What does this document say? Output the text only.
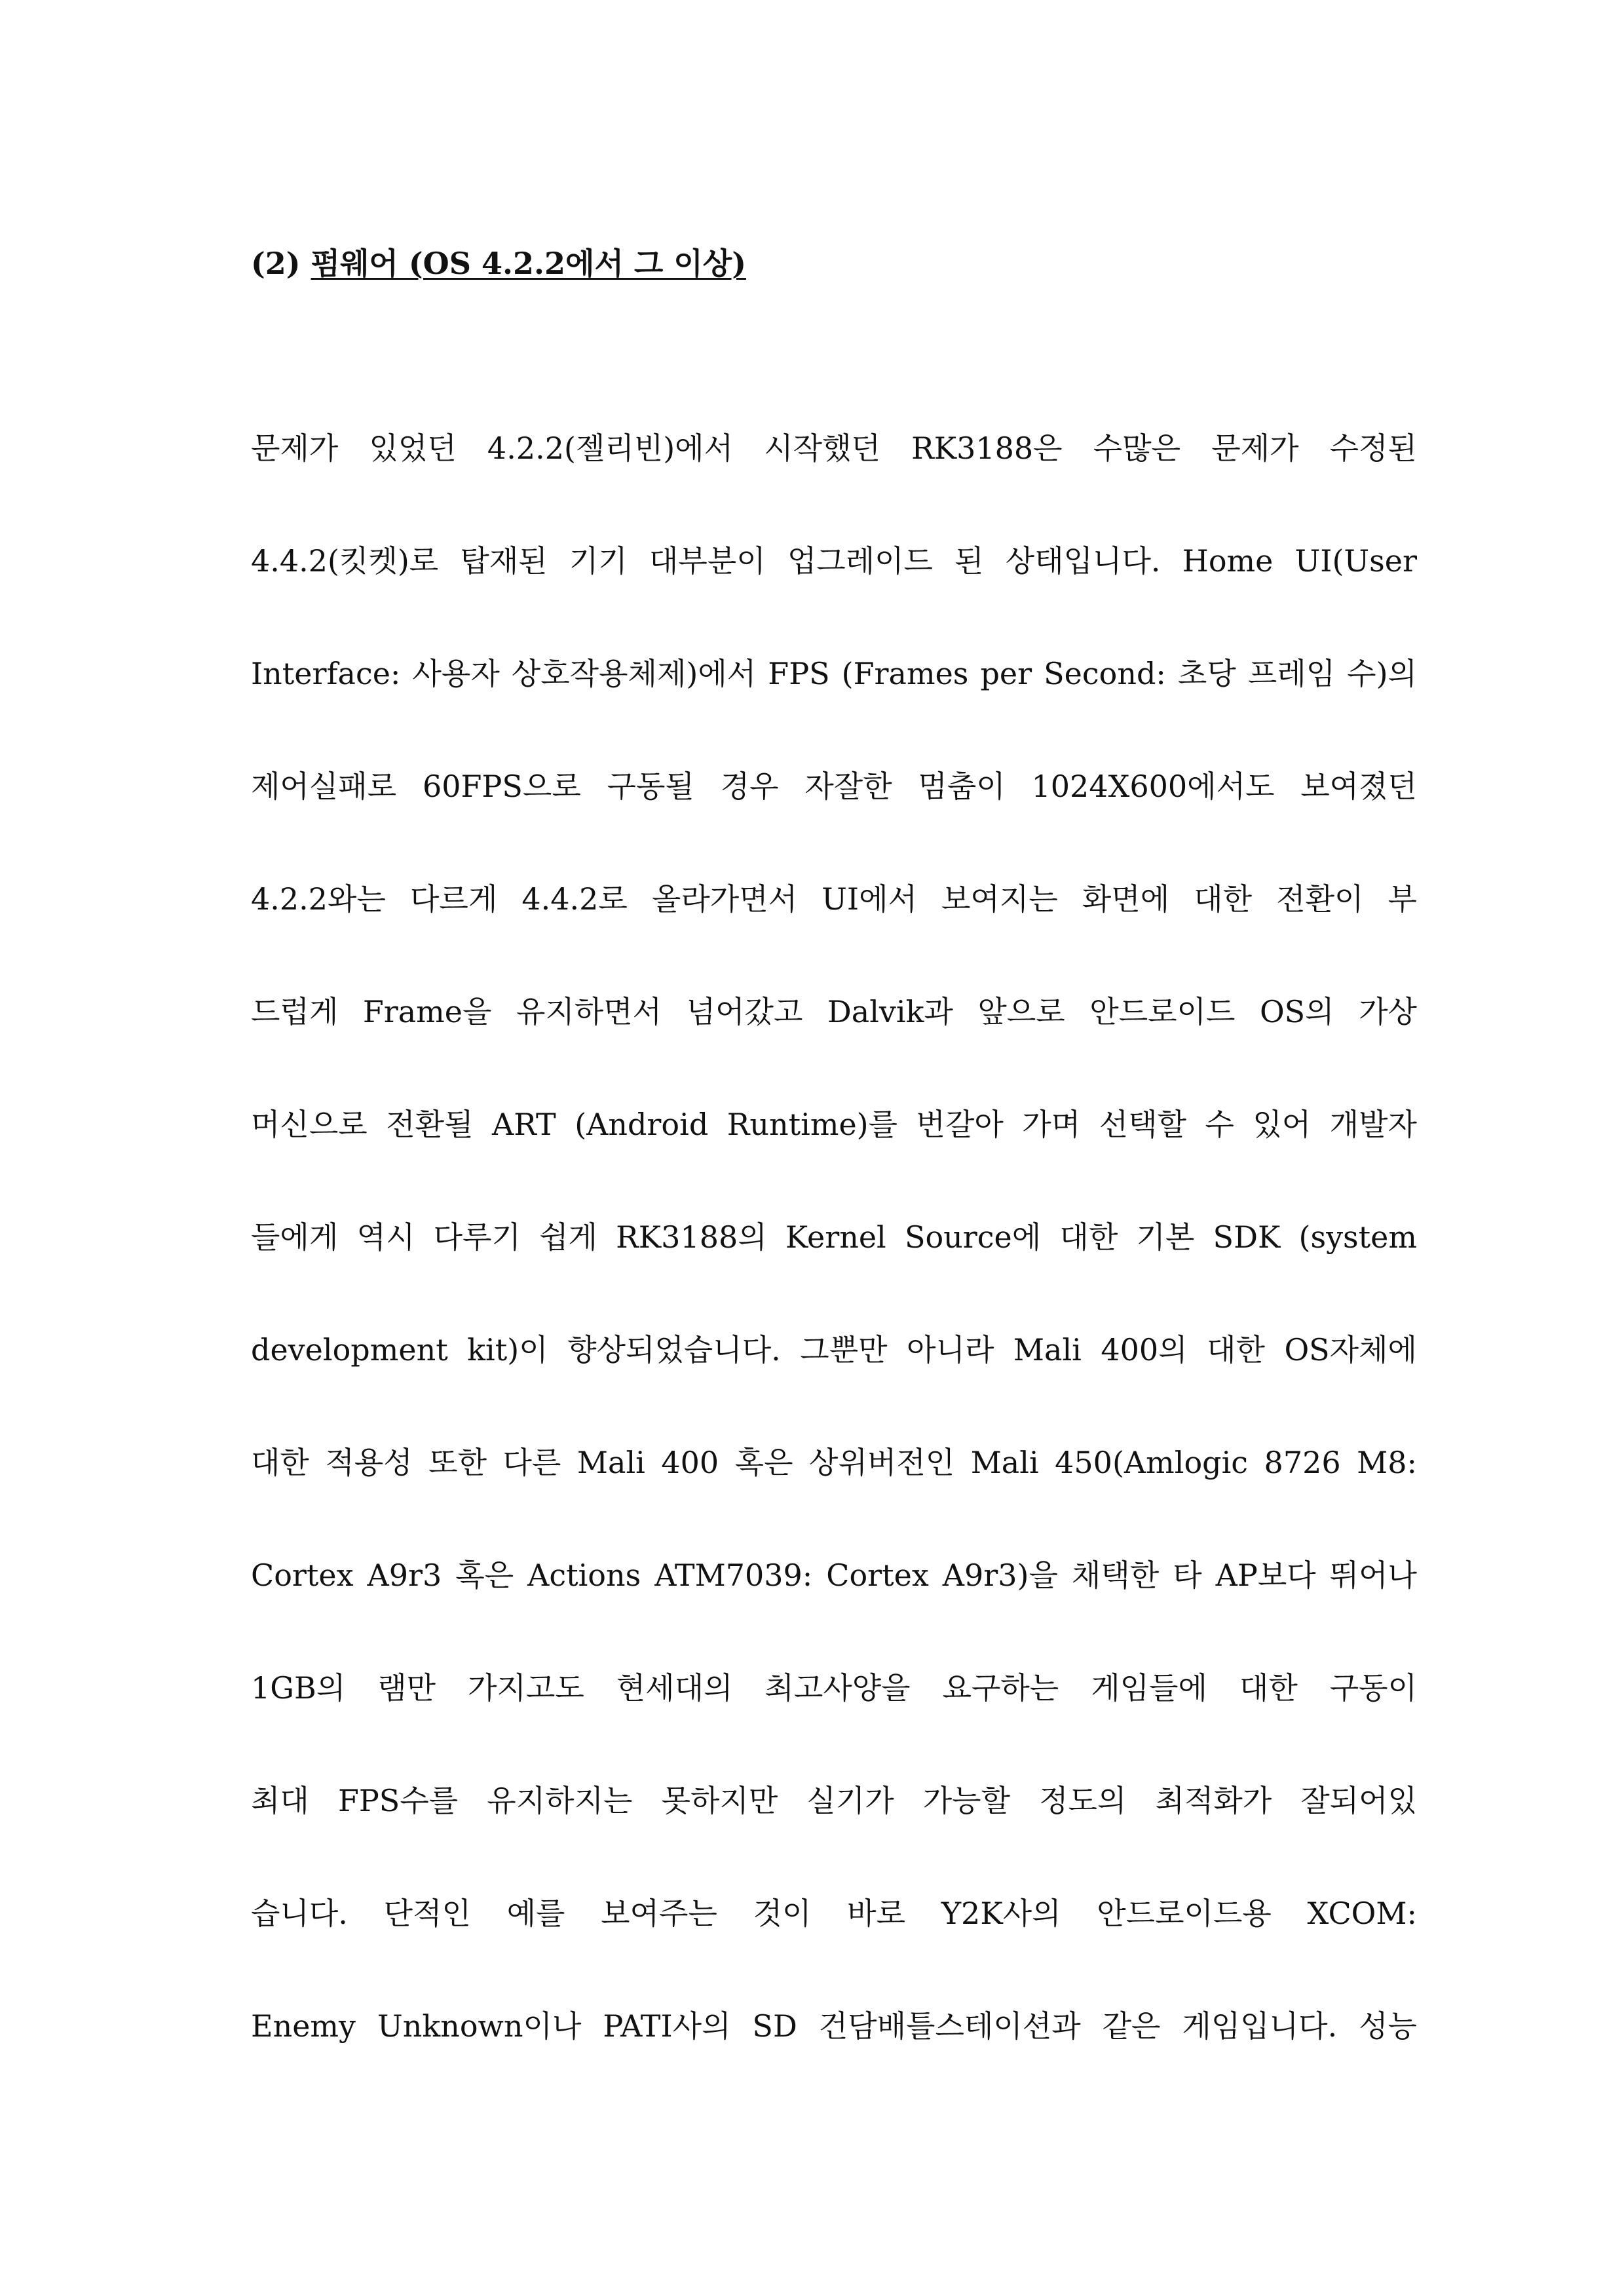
(2) 펌웨어 (OS 4.2.2에서 그 이상)
문제가 있었던 4.2.2(젤리빈)에서 시작했던 RK3188은 수많은 문제가 수정된
4.4.2(킷켓)로 탑재된 기기 대부분이 업그레이드 된 상태입니다. Home UI(User
Interface: 사용자 상호작용체제)에서 FPS (Frames per Second: 초당 프레임 수)의
제어실패로 60FPS으로 구동될 경우 자잘한 멈춤이 1024X600에서도 보여졌던
4.2.2와는 다르게 4.4.2로 올라가면서 UI에서 보여지는 화면에 대한 전환이 부
드럽게 Frame을 유지하면서 넘어갔고 Dalvik과 앞으로 안드로이드 OS의 가상
머신으로 전환될 ART (Android Runtime)를 번갈아 가며 선택할 수 있어 개발자
들에게 역시 다루기 쉽게 RK3188의 Kernel Source에 대한 기본 SDK (system
development kit)이 향상되었습니다. 그뿐만 아니라 Mali 400의 대한 OS자체에
대한 적용성 또한 다른 Mali 400 혹은 상위버전인 Mali 450(Amlogic 8726 M8:
Cortex A9r3 혹은 Actions ATM7039: Cortex A9r3)을 채택한 타 AP보다 뛰어나
1GB의 램만 가지고도 현세대의 최고사양을 요구하는 게임들에 대한 구동이
최대 FPS수를 유지하지는 못하지만 실기가 가능할 정도의 최적화가 잘되어있
습니다. 단적인 예를 보여주는 것이 바로 Y2K사의 안드로이드용 XCOM:
Enemy Unknown이나 PATI사의 SD 건담배틀스테이션과 같은 게임입니다. 성능
